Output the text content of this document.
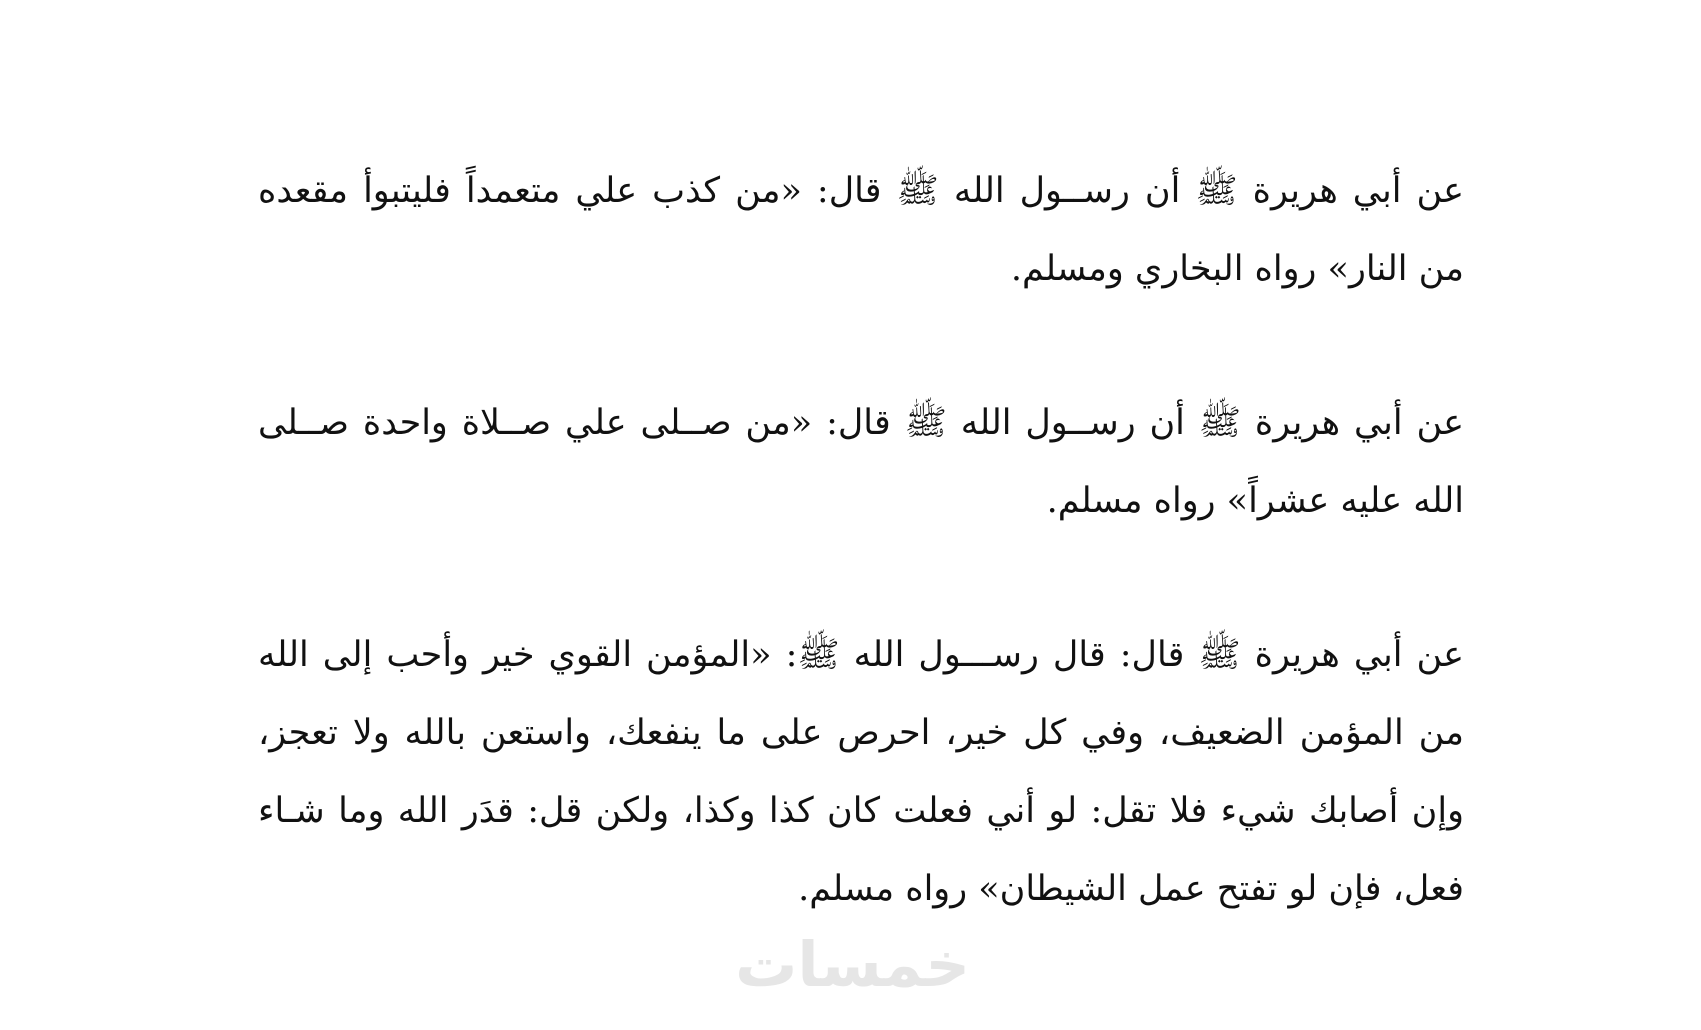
عن أبي هريرة ﷺ أن رســول الله ﷺ قال: «من كذب علي متعمداً فليتبوأ مقعده من النار» رواه البخاري ومسلم.

عن أبي هريرة ﷺ أن رســول الله ﷺ قال: «من صــلى علي صــلاة واحدة صــلى الله عليه عشراً» رواه مسلم.

عن أبي هريرة ﷺ قال: قال رســـول الله ﷺ: «المؤمن القوي خير وأحب إلى الله من المؤمن الضعيف، وفي كل خير، احرص على ما ينفعك، واستعن بالله ولا تعجز، وإن أصابك شيء فلا تقل: لو أني فعلت كان كذا وكذا، ولكن قل: قدَر الله وما شـاء فعل، فإن لو تفتح عمل الشيطان» رواه مسلم.

خمسات
